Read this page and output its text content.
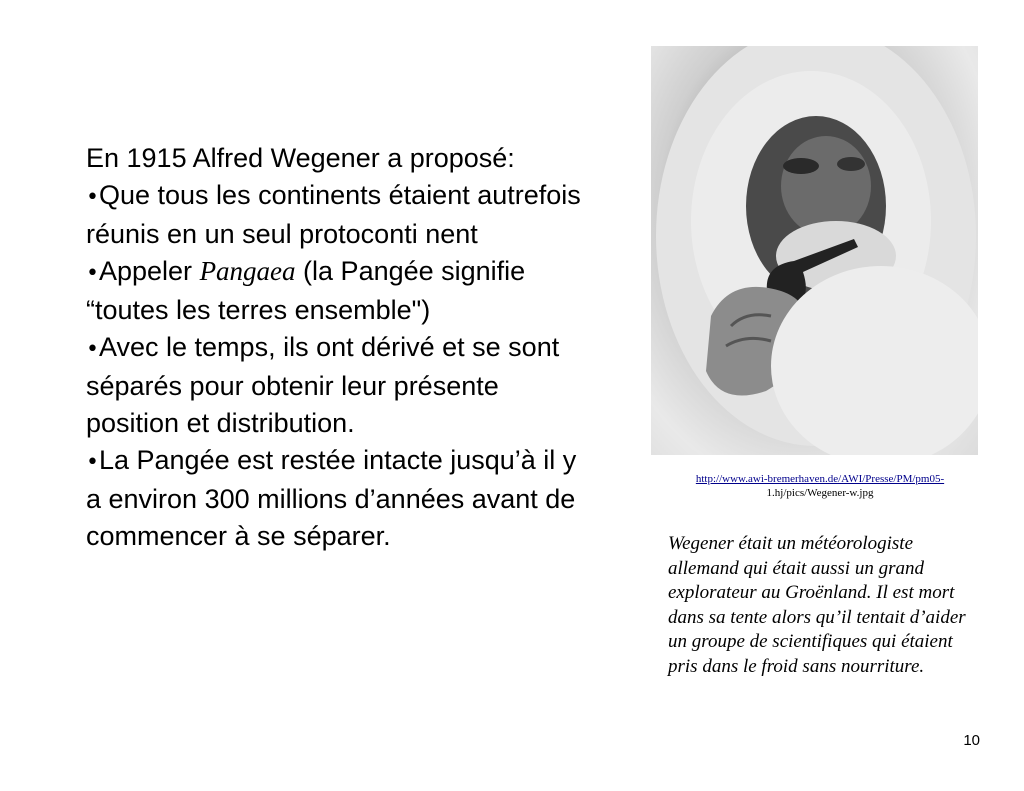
En 1915 Alfred Wegener a proposé:

•Que tous les continents étaient autrefois réunis en un seul protoconti nent

•Appeler Pangaea (la Pangée signifie “toutes les terres ensemble")

•Avec le temps, ils ont dérivé et se sont séparés pour obtenir leur présente position et distribution.

•La Pangée est restée intacte jusqu’à il y a environ 300 millions d’années avant de commencer à se séparer.

http://www.awi-bremerhaven.de/AWI/Presse/PM/pm05-
1.hj/pics/Wegener-w.jpg
Wegener était un météorologiste allemand qui était aussi un grand explorateur au Groënland. Il est mort dans sa tente alors qu’il tentait d’aider un groupe de scientifiques qui étaient pris dans le froid sans nourriture.
10
